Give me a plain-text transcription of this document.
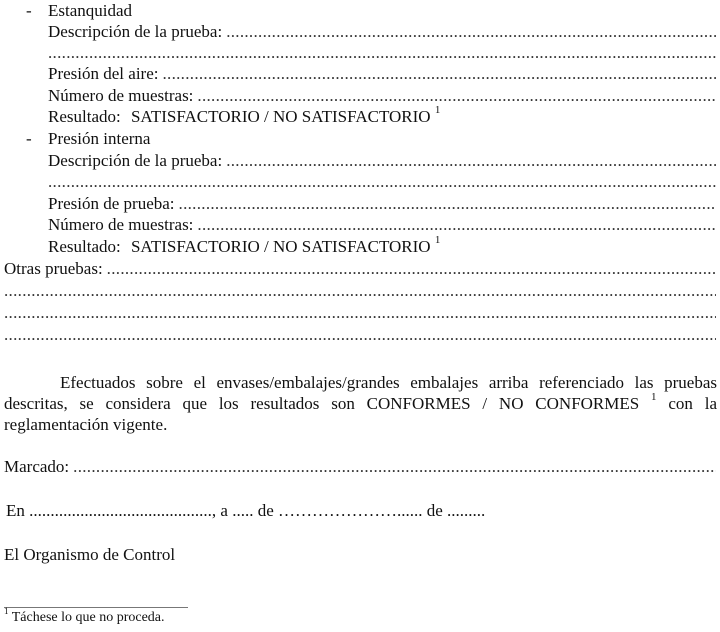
- Estanquidad
Descripción de la prueba:
.....
.....
Presión del aire:
.....
Número de muestras:
.....
Resultado: SATISFACTORIO / NO SATISFACTORIO $^1$
- Presión interna
Descripción de la prueba:
.....
.....
Presión de prueba:
.....
Número de muestras:
.....
Resultado: SATISFACTORIO / NO SATISFACTORIO $^1$
Otras pruebas:
.....
.....
.....
.....
Efectuados sobre el envases/embalajes/grandes embalajes arriba referenciado las pruebas descritas, se considera que los resultados son CONFORMES / NO CONFORMES $^1$ con la reglamentación vigente.
Marcado:
.....
En ..........................................., a ..... de …………………...... de .........
El Organismo de Control
$^1$ Táchese lo que no proceda.
